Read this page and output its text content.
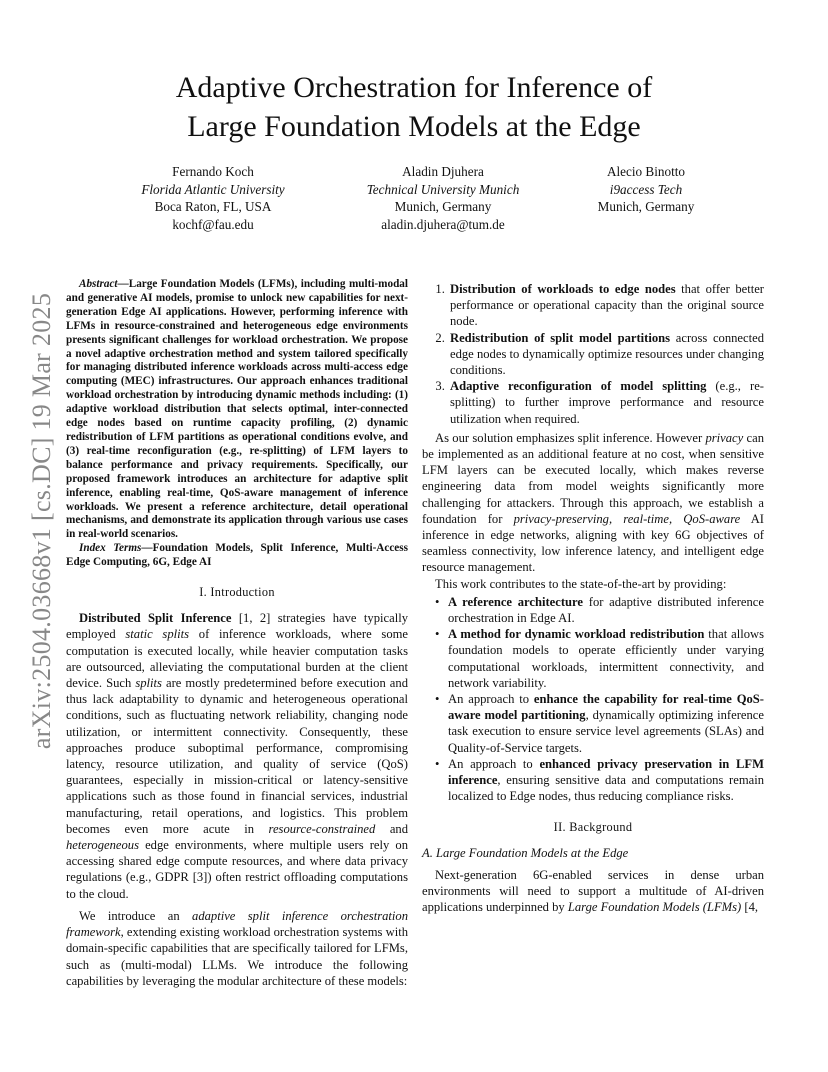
arXiv:2504.03668v1 [cs.DC] 19 Mar 2025
Adaptive Orchestration for Inference of
Large Foundation Models at the Edge
Fernando Koch
Florida Atlantic University
Boca Raton, FL, USA
kochf@fau.edu
Aladin Djuhera
Technical University Munich
Munich, Germany
aladin.djuhera@tum.de
Alecio Binotto
i9access Tech
Munich, Germany

Abstract—Large Foundation Models (LFMs), including multi-modal and generative AI models, promise to unlock new capabilities for next-generation Edge AI applications. However, performing inference with LFMs in resource-constrained and heterogeneous edge environments presents significant challenges for workload orchestration. We propose a novel adaptive orchestration method and system tailored specifically for managing distributed inference workloads across multi-access edge computing (MEC) infrastructures. Our approach enhances traditional workload orchestration by introducing dynamic methods including: (1) adaptive workload distribution that selects optimal, inter-connected edge nodes based on runtime capacity profiling, (2) dynamic redistribution of LFM partitions as operational conditions evolve, and (3) real-time reconfiguration (e.g., re-splitting) of LFM layers to balance performance and privacy requirements. Specifically, our proposed framework introduces an architecture for adaptive split inference, enabling real-time, QoS-aware management of inference workloads. We present a reference architecture, detail operational mechanisms, and demonstrate its application through various use cases in real-world scenarios.

Index Terms—Foundation Models, Split Inference, Multi-Access Edge Computing, 6G, Edge AI

I. Introduction

Distributed Split Inference [1, 2] strategies have typically employed static splits of inference workloads, where some computation is executed locally, while heavier computation tasks are outsourced, alleviating the computational burden at the client device. Such splits are mostly predetermined before execution and thus lack adaptability to dynamic and heterogeneous operational conditions, such as fluctuating network reliability, changing node utilization, or intermittent connectivity. Consequently, these approaches produce suboptimal performance, compromising latency, resource utilization, and quality of service (QoS) guarantees, especially in mission-critical or latency-sensitive applications such as those found in financial services, industrial manufacturing, retail operations, and logistics. This problem becomes even more acute in resource-constrained and heterogeneous edge environments, where multiple users rely on accessing shared edge compute resources, and where data privacy regulations (e.g., GDPR [3]) often restrict offloading computations to the cloud.

We introduce an adaptive split inference orchestration framework, extending existing workload orchestration systems with domain-specific capabilities that are specifically tailored for LFMs, such as (multi-modal) LLMs. We introduce the following capabilities by leveraging the modular architecture of these models:

1. Distribution of workloads to edge nodes that offer better performance or operational capacity than the original source node.
2. Redistribution of split model partitions across connected edge nodes to dynamically optimize resources under changing conditions.
3. Adaptive reconfiguration of model splitting (e.g., re-splitting) to further improve performance and resource utilization when required.

As our solution emphasizes split inference. However privacy can be implemented as an additional feature at no cost, when sensitive LFM layers can be executed locally, which makes reverse engineering data from model weights significantly more challenging for attackers. Through this approach, we establish a foundation for privacy-preserving, real-time, QoS-aware AI inference in edge networks, aligning with key 6G objectives of seamless connectivity, low inference latency, and intelligent edge resource management.

This work contributes to the state-of-the-art by providing:

• A reference architecture for adaptive distributed inference orchestration in Edge AI.
• A method for dynamic workload redistribution that allows foundation models to operate efficiently under varying computational workloads, intermittent connectivity, and network variability.
• An approach to enhance the capability for real-time QoS-aware model partitioning, dynamically optimizing inference task execution to ensure service level agreements (SLAs) and Quality-of-Service targets.
• An approach to enhanced privacy preservation in LFM inference, ensuring sensitive data and computations remain localized to Edge nodes, thus reducing compliance risks.
II. Background
A. Large Foundation Models at the Edge

Next-generation 6G-enabled services in dense urban environments will need to support a multitude of AI-driven applications underpinned by Large Foundation Models (LFMs) [4,
